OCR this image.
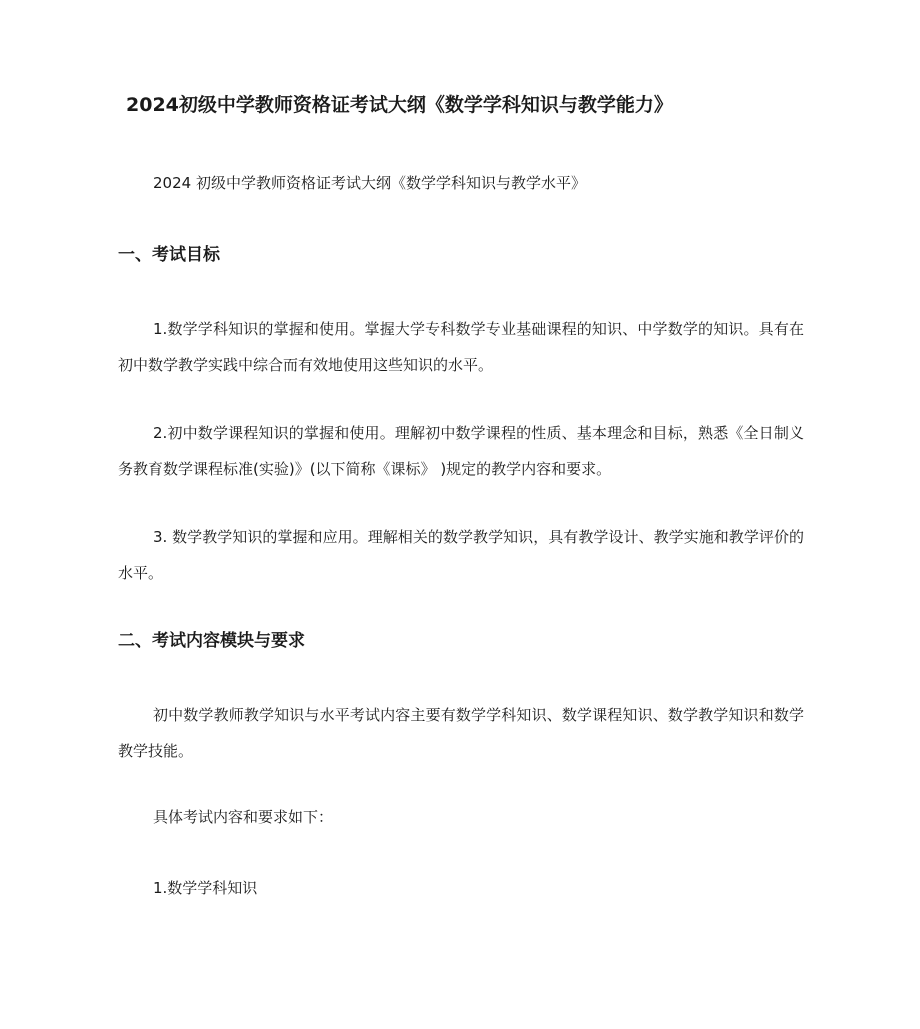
2024初级中学教师资格证考试大纲《数学学科知识与教学能力》

2024 初级中学教师资格证考试大纲《数学学科知识与教学水平》

一、考试目标

1.数学学科知识的掌握和使用。掌握大学专科数学专业基础课程的知识、中学数学的知识。具有在初中数学教学实践中综合而有效地使用这些知识的水平。

2.初中数学课程知识的掌握和使用。理解初中数学课程的性质、基本理念和目标，熟悉《全日制义务教育数学课程标准(实验)》(以下简称《课标》 )规定的教学内容和要求。

3. 数学教学知识的掌握和应用。理解相关的数学教学知识，具有教学设计、教学实施和教学评价的水平。

二、考试内容模块与要求

初中数学教师教学知识与水平考试内容主要有数学学科知识、数学课程知识、数学教学知识和数学教学技能。

具体考试内容和要求如下：

1.数学学科知识
